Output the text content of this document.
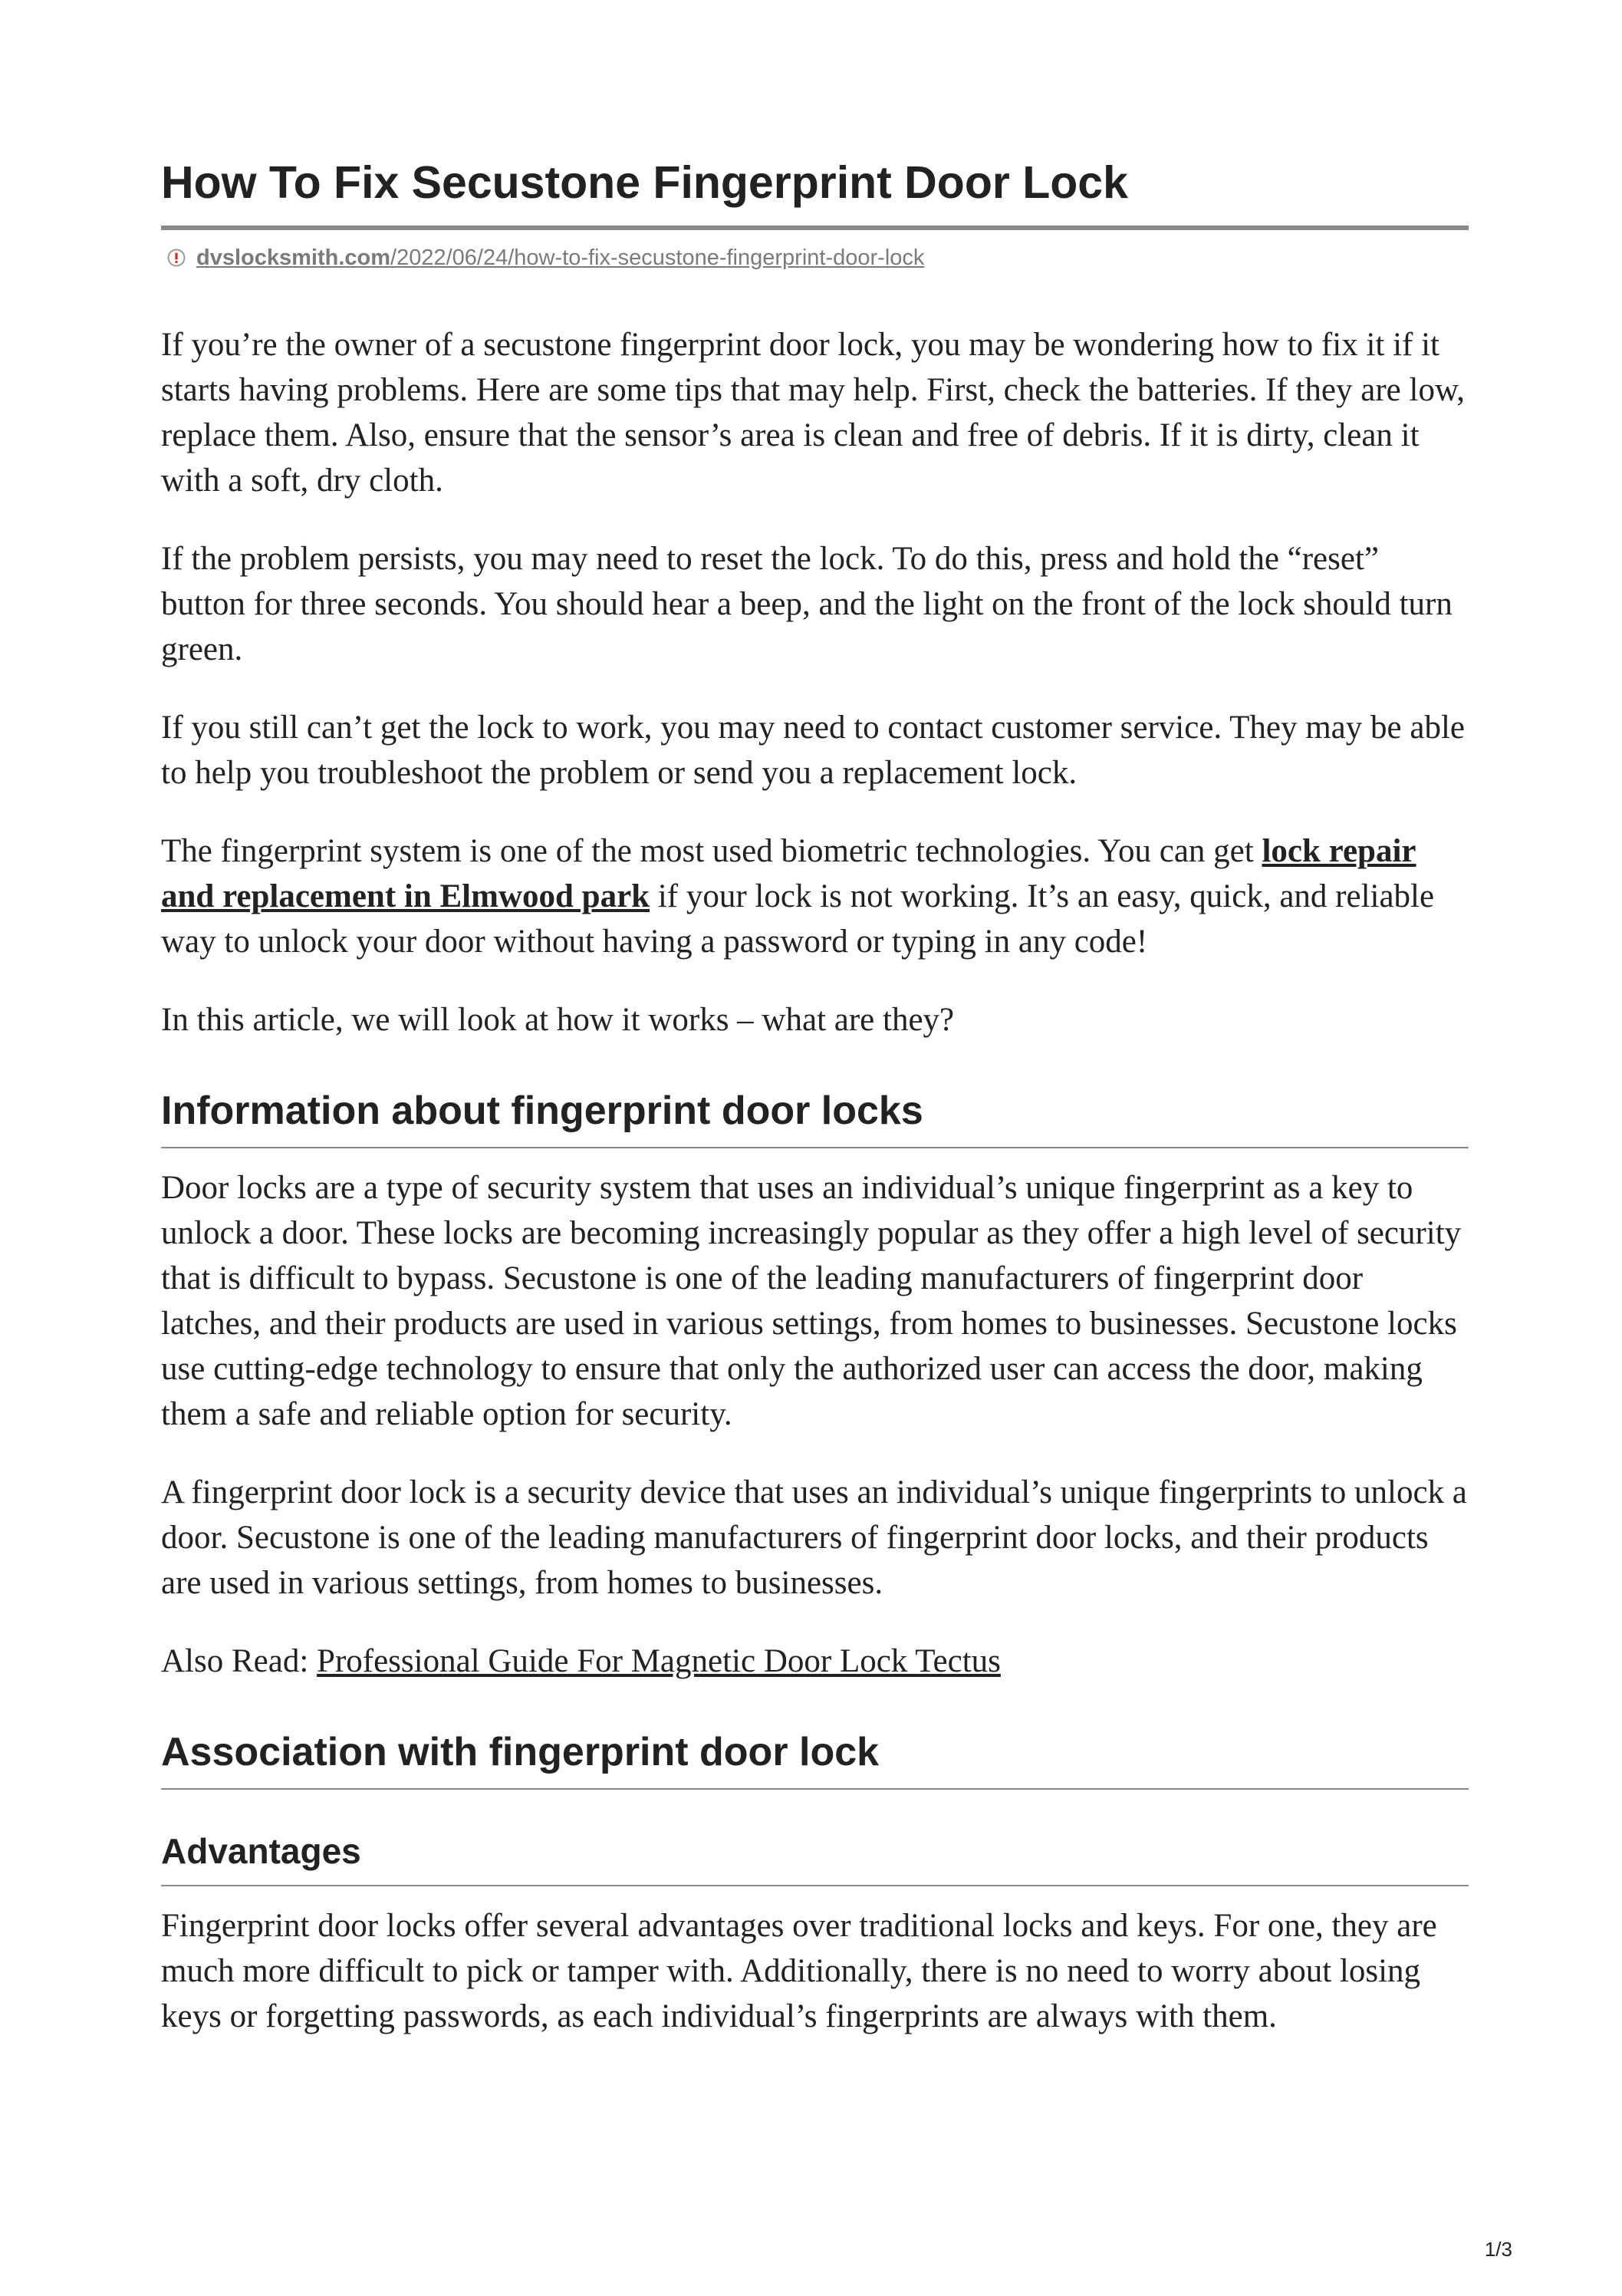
How To Fix Secustone Fingerprint Door Lock
dvslocksmith.com/2022/06/24/how-to-fix-secustone-fingerprint-door-lock

If you’re the owner of a secustone fingerprint door lock, you may be wondering how to fix it if it starts having problems. Here are some tips that may help. First, check the batteries. If they are low, replace them. Also, ensure that the sensor’s area is clean and free of debris. If it is dirty, clean it with a soft, dry cloth.

If the problem persists, you may need to reset the lock. To do this, press and hold the “reset” button for three seconds. You should hear a beep, and the light on the front of the lock should turn green.

If you still can’t get the lock to work, you may need to contact customer service. They may be able to help you troubleshoot the problem or send you a replacement lock.

The fingerprint system is one of the most used biometric technologies. You can get lock repair and replacement in Elmwood park if your lock is not working. It’s an easy, quick, and reliable way to unlock your door without having a password or typing in any code!

In this article, we will look at how it works – what are they?

Information about fingerprint door locks

Door locks are a type of security system that uses an individual’s unique fingerprint as a key to unlock a door. These locks are becoming increasingly popular as they offer a high level of security that is difficult to bypass. Secustone is one of the leading manufacturers of fingerprint door latches, and their products are used in various settings, from homes to businesses. Secustone locks use cutting-edge technology to ensure that only the authorized user can access the door, making them a safe and reliable option for security.

A fingerprint door lock is a security device that uses an individual’s unique fingerprints to unlock a door. Secustone is one of the leading manufacturers of fingerprint door locks, and their products are used in various settings, from homes to businesses.

Also Read: Professional Guide For Magnetic Door Lock Tectus

Association with fingerprint door lock
Advantages

Fingerprint door locks offer several advantages over traditional locks and keys. For one, they are much more difficult to pick or tamper with. Additionally, there is no need to worry about losing keys or forgetting passwords, as each individual’s fingerprints are always with them.

1/3
